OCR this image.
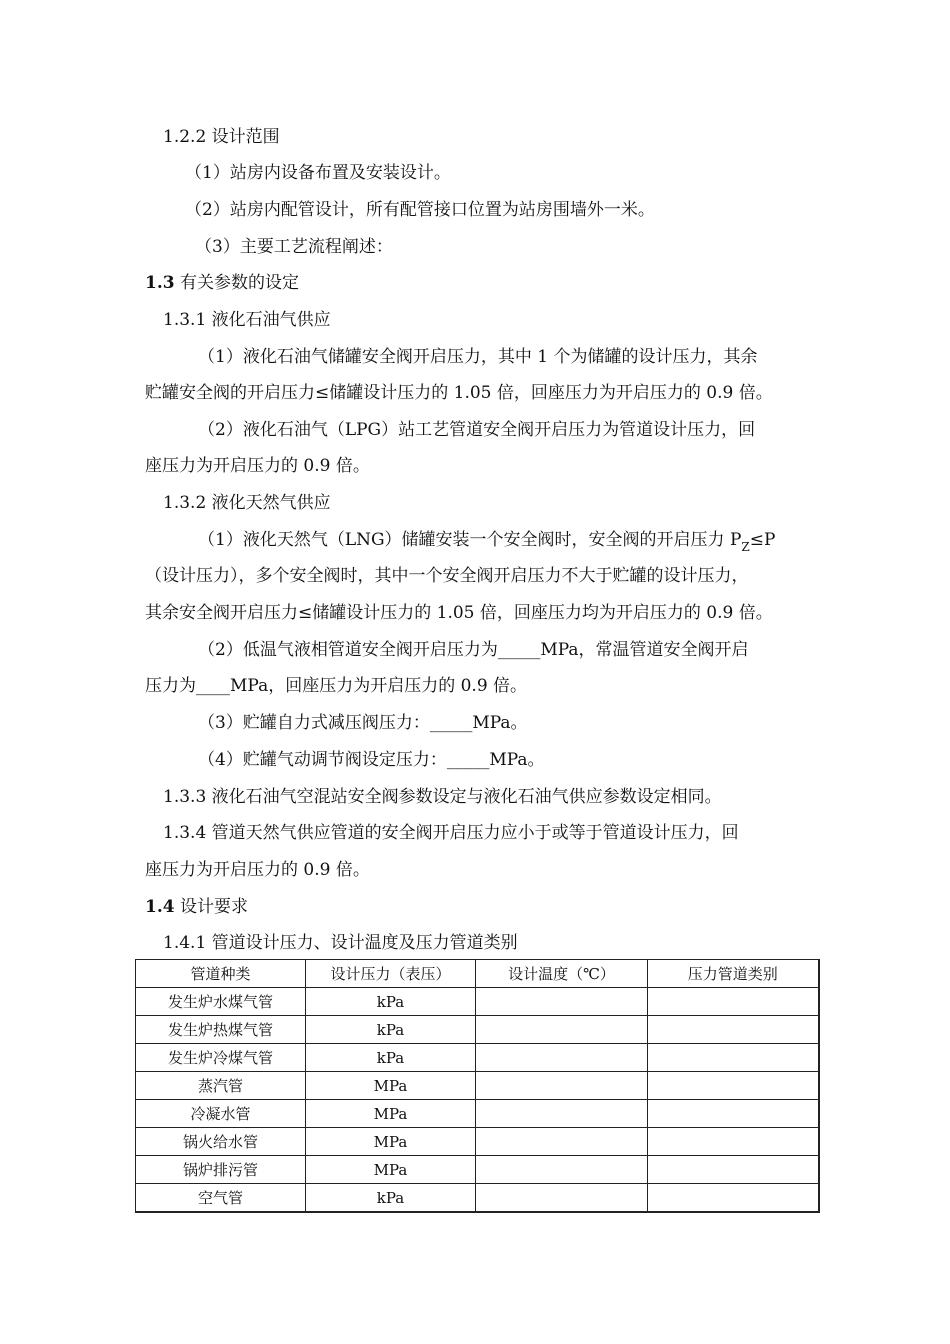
1.2.2 设计范围
（1）站房内设备布置及安装设计。
（2）站房内配管设计，所有配管接口位置为站房围墙外一米。
（3）主要工艺流程阐述：
1.3 有关参数的设定
1.3.1 液化石油气供应
（1）液化石油气储罐安全阀开启压力，其中 1 个为储罐的设计压力，其余
贮罐安全阀的开启压力≤储罐设计压力的 1.05 倍，回座压力为开启压力的 0.9 倍。
（2）液化石油气（LPG）站工艺管道安全阀开启压力为管道设计压力，回
座压力为开启压力的 0.9 倍。
1.3.2 液化天然气供应
（1）液化天然气（LNG）储罐安装一个安全阀时，安全阀的开启压力 $P_Z\le P$
（设计压力），多个安全阀时，其中一个安全阀开启压力不大于贮罐的设计压力，
其余安全阀开启压力≤储罐设计压力的 1.05 倍，回座压力均为开启压力的 0.9 倍。
（2）低温气液相管道安全阀开启压力为_____MPa，常温管道安全阀开启
压力为____MPa，回座压力为开启压力的 0.9 倍。
（3）贮罐自力式减压阀压力：_____MPa。
（4）贮罐气动调节阀设定压力：_____MPa。
1.3.3 液化石油气空混站安全阀参数设定与液化石油气供应参数设定相同。
1.3.4 管道天然气供应管道的安全阀开启压力应小于或等于管道设计压力，回
座压力为开启压力的 0.9 倍。
1.4 设计要求
1.4.1 管道设计压力、设计温度及压力管道类别
管道种类	设计压力（表压）	设计温度（℃）	压力管道类别
发生炉水煤气管	kPa		
发生炉热煤气管	kPa		
发生炉冷煤气管	kPa		
蒸汽管	MPa		
冷凝水管	MPa		
锅火给水管	MPa		
锅炉排污管	MPa		
空气管	kPa		
